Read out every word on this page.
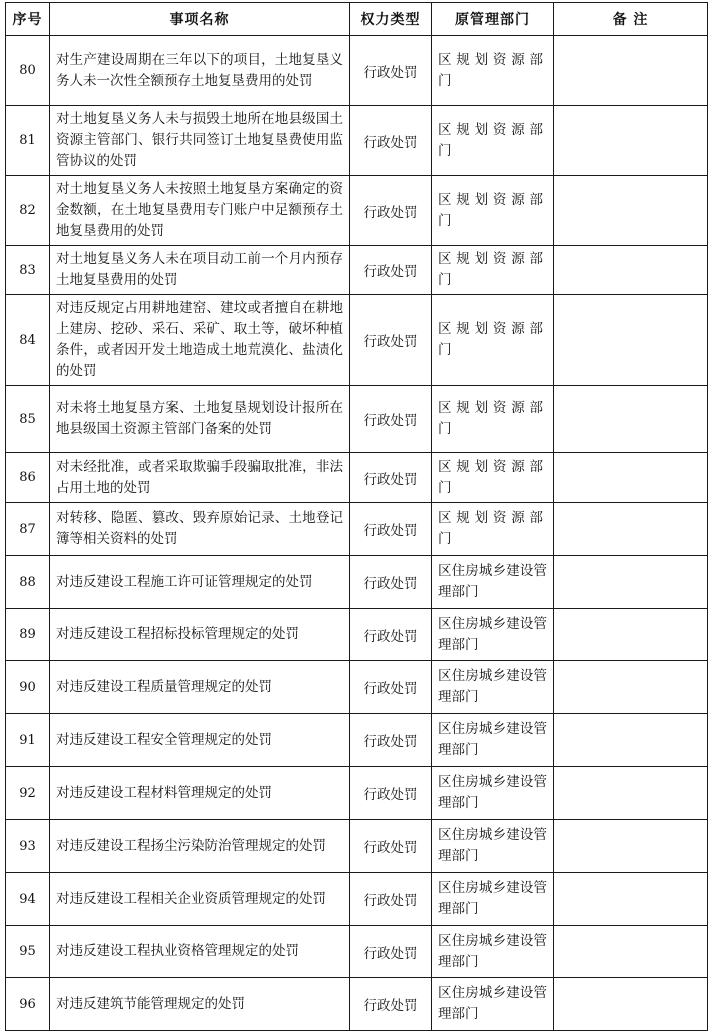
序号	事项名称	权力类型	原管理部门	备 注
80	对生产建设周期在三年以下的项目，土地复垦义务人未一次性全额预存土地复垦费用的处罚	行政处罚	区规划资源部门	
81	对土地复垦义务人未与损毁土地所在地县级国土资源主管部门、银行共同签订土地复垦费使用监管协议的处罚	行政处罚	区规划资源部门	
82	对土地复垦义务人未按照土地复垦方案确定的资金数额，在土地复垦费用专门账户中足额预存土地复垦费用的处罚	行政处罚	区规划资源部门	
83	对土地复垦义务人未在项目动工前一个月内预存土地复垦费用的处罚	行政处罚	区规划资源部门	
84	对违反规定占用耕地建窑、建坟或者擅自在耕地上建房、挖砂、采石、采矿、取土等，破坏种植条件，或者因开发土地造成土地荒漠化、盐渍化的处罚	行政处罚	区规划资源部门	
85	对未将土地复垦方案、土地复垦规划设计报所在地县级国土资源主管部门备案的处罚	行政处罚	区规划资源部门	
86	对未经批准，或者采取欺骗手段骗取批准，非法占用土地的处罚	行政处罚	区规划资源部门	
87	对转移、隐匿、篡改、毁弃原始记录、土地登记簿等相关资料的处罚	行政处罚	区规划资源部门	
88	对违反建设工程施工许可证管理规定的处罚	行政处罚	区住房城乡建设管理部门	
89	对违反建设工程招标投标管理规定的处罚	行政处罚	区住房城乡建设管理部门	
90	对违反建设工程质量管理规定的处罚	行政处罚	区住房城乡建设管理部门	
91	对违反建设工程安全管理规定的处罚	行政处罚	区住房城乡建设管理部门	
92	对违反建设工程材料管理规定的处罚	行政处罚	区住房城乡建设管理部门	
93	对违反建设工程扬尘污染防治管理规定的处罚	行政处罚	区住房城乡建设管理部门	
94	对违反建设工程相关企业资质管理规定的处罚	行政处罚	区住房城乡建设管理部门	
95	对违反建设工程执业资格管理规定的处罚	行政处罚	区住房城乡建设管理部门	
96	对违反建筑节能管理规定的处罚	行政处罚	区住房城乡建设管理部门	
